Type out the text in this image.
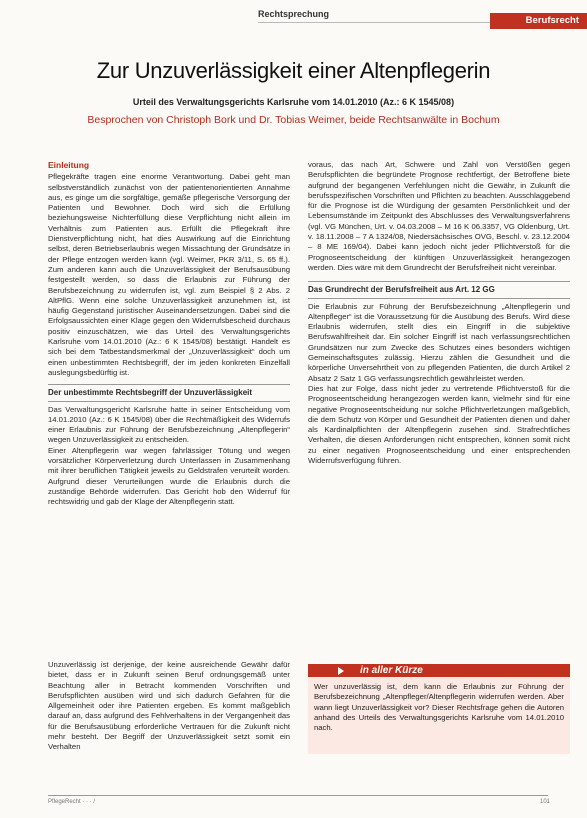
Rechtsprechung
Berufsrecht
Zur Unzuverlässigkeit einer Altenpflegerin
Urteil des Verwaltungsgerichts Karlsruhe vom 14.01.2010 (Az.: 6 K 1545/08)
Besprochen von Christoph Bork und Dr. Tobias Weimer, beide Rechtsanwälte in Bochum
Einleitung

Pflegekräfte tragen eine enorme Verantwortung. Dabei geht man selbstverständlich zunächst von der patientenorientierten Annahme aus, es ginge um die sorgfältige, gemäße pflegerische Versorgung der Patienten und Bewohner. Doch wird sich die Erfüllung beziehungsweise Nichterfüllung diese Verpflichtung nicht allein im Verhältnis zum Patienten aus. Erfüllt die Pflegekraft ihre Dienstverpflichtung nicht, hat dies Auswirkung auf die Einrichtung selbst, deren Betriebserlaubnis wegen Missachtung der Grundsätze in der Pflege entzogen werden kann (vgl. Weimer, PKR 3/11, S. 65 ff.). Zum anderen kann auch die Unzuverlässigkeit der Berufsausübung festgestellt werden, so dass die Erlaubnis zur Führung der Berufsbezeichnung zu widerrufen ist, vgl. zum Beispiel § 2 Abs. 2 AltPflG. Wenn eine solche Unzuverlässigkeit anzunehmen ist, ist häufig Gegenstand juristischer Auseinandersetzungen. Dabei sind die Erfolgsaussichten einer Klage gegen den Widerrufsbescheid durchaus positiv einzuschätzen, wie das Urteil des Verwaltungsgerichts Karlsruhe vom 14.01.2010 (Az.: 6 K 1545/08) bestätigt. Handelt es sich bei dem Tatbestandsmerkmal der „Unzuverlässigkeit“ doch um einen unbestimmten Rechtsbegriff, der im jeden konkreten Einzelfall auslegungsbedürftig ist.

Der unbestimmte Rechtsbegriff der Unzuverlässigkeit

Das Verwaltungsgericht Karlsruhe hatte in seiner Entscheidung vom 14.01.2010 (Az.: 6 K 1545/08) über die Rechtmäßigkeit des Widerrufs einer Erlaubnis zur Führung der Berufsbezeichnung „Altenpflegerin“ wegen Unzuverlässigkeit zu entscheiden.

Einer Altenpflegerin war wegen fahrlässiger Tötung und wegen vorsätzlicher Körperverletzung durch Unterlassen in Zusammenhang mit ihrer beruflichen Tätigkeit jeweils zu Geldstrafen verurteilt worden. Aufgrund dieser Verurteilungen wurde die Erlaubnis durch die zuständige Behörde widerrufen. Das Gericht hob den Widerruf für rechtswidrig und gab der Klage der Altenpflegerin statt.

Unzuverlässig ist derjenige, der keine ausreichende Gewähr dafür bietet, dass er in Zukunft seinen Beruf ordnungsgemäß unter Beachtung aller in Betracht kommenden Vorschriften und Berufspflichten ausüben wird und sich dadurch Gefahren für die Allgemeinheit oder ihre Patienten ergeben. Es kommt maßgeblich darauf an, dass aufgrund des Fehlverhaltens in der Vergangenheit das für die Berufsausübung erforderliche Vertrauen für die Zukunft nicht mehr besteht. Der Begriff der Unzuverlässigkeit setzt somit ein Verhalten

voraus, das nach Art, Schwere und Zahl von Verstößen gegen Berufspflichten die begründete Prognose rechtfertigt, der Betroffene biete aufgrund der begangenen Verfehlungen nicht die Gewähr, in Zukunft die berufsspezifischen Vorschriften und Pflichten zu beachten. Ausschlaggebend für die Prognose ist die Würdigung der gesamten Persönlichkeit und der Lebensumstände im Zeitpunkt des Abschlusses des Verwaltungsverfahrens (vgl. VG München, Urt. v. 04.03.2008 – M 16 K 06.3357, VG Oldenburg, Urt. v. 18.11.2008 – 7 A 1324/08, Niedersächsisches OVG, Beschl. v. 23.12.2004 – 8 ME 169/04). Dabei kann jedoch nicht jeder Pflichtverstoß für die Prognoseentscheidung der künftigen Unzuverlässigkeit herangezogen werden. Dies wäre mit dem Grundrecht der Berufsfreiheit nicht vereinbar.

Das Grundrecht der Berufsfreiheit aus Art. 12 GG

Die Erlaubnis zur Führung der Berufsbezeichnung „Altenpflegerin und Altenpfleger“ ist die Voraussetzung für die Ausübung des Berufs. Wird diese Erlaubnis widerrufen, stellt dies ein Eingriff in die subjektive Berufswahlfreiheit dar. Ein solcher Eingriff ist nach verfassungsrechtlichen Grundsätzen nur zum Zwecke des Schutzes eines besonders wichtigen Gemeinschaftsgutes zulässig. Hierzu zählen die Gesundheit und die körperliche Unversehrtheit von zu pflegenden Patienten, die durch Artikel 2 Absatz 2 Satz 1 GG verfassungsrechtlich gewährleistet werden.

Dies hat zur Folge, dass nicht jeder zu vertretende Pflichtverstoß für die Prognoseentscheidung herangezogen werden kann, vielmehr sind für eine negative Prognoseentscheidung nur solche Pflichtverletzungen maßgeblich, die dem Schutz von Körper und Gesundheit der Patienten dienen und daher als Kardinalpflichten der Altenpflegerin zusehen sind. Strafrechtliches Verhalten, die diesen Anforderungen nicht entsprechen, können somit nicht zu einer negativen Prognoseentscheidung und einer entsprechenden Widerrufsverfügung führen.

in aller Kürze
Wer unzuverlässig ist, dem kann die Erlaubnis zur Führung der Berufsbezeichnung „Altenpfleger/Altenpflegerin widerrufen werden. Aber wann liegt Unzuverlässigkeit vor? Dieser Rechtsfrage gehen die Autoren anhand des Urteils des Verwaltungsgerichts Karlsruhe vom 14.01.2010 nach.
PflegeRecht · · · /	101
